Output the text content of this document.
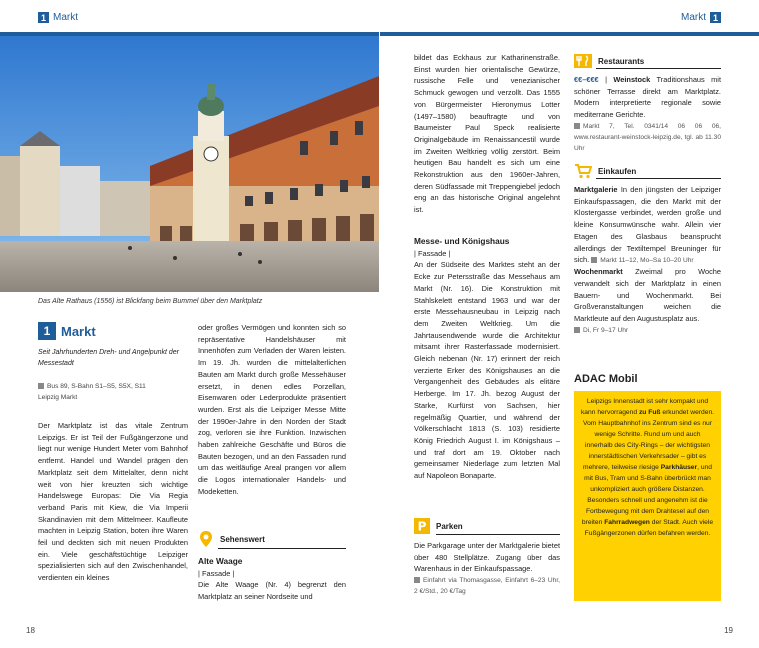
1 Markt	Markt 1
Das Alte Rathaus (1556) ist Blickfang beim Bummel über den Marktplatz
1 Markt
Seit Jahrhunderten Dreh- und Angelpunkt der Messestadt
Bus 89, S-Bahn S1–S5, S5X, S11
Leipzig Markt

Der Marktplatz ist das vitale Zentrum Leipzigs. Er ist Teil der Fußgängerzone und liegt nur wenige Hundert Meter vom Bahnhof entfernt. Handel und Wandel prägen den Marktplatz seit dem Mittelalter, denn nicht weit von hier kreuzten sich wichtige Handelswege Europas: Die Via Regia verband Paris mit Kiew, die Via Imperii Skandinavien mit dem Mittelmeer. Kaufleute machten in Leipzig Station, boten ihre Waren feil und deckten sich mit neuen Produkten ein. Viele geschäftstüchtige Leipziger spezialisierten sich auf den Zwischenhandel, verdienten ein kleines

oder großes Vermögen und konnten sich so repräsentative Handelshäuser mit Innenhöfen zum Verladen der Waren leisten. Im 19. Jh. wurden die mittelalterlichen Bauten am Markt durch große Messehäuser ersetzt, in denen edles Porzellan, Eisenwaren oder Lederprodukte präsentiert wurden. Erst als die Leipziger Messe Mitte der 1990er-Jahre in den Norden der Stadt zog, verloren sie ihre Funktion. Inzwischen haben zahlreiche Geschäfte und Büros die Bauten bezogen, und an den Fassaden rund um das weitläufige Areal prangen vor allem die Logos internationaler Handels- und Modeketten.

Sehenswert
Alte Waage
| Fassade |

Die Alte Waage (Nr. 4) begrenzt den Marktplatz an seiner Nordseite und

bildet das Eckhaus zur Katharinenstraße. Einst wurden hier orientalische Gewürze, russische Felle und venezianischer Schmuck gewogen und verzollt. Das 1555 von Bürgermeister Hieronymus Lotter (1497–1580) beauftragte und von Baumeister Paul Speck realisierte Originalgebäude im Renaissancestil wurde im Zweiten Weltkrieg völlig zerstört. Beim heutigen Bau handelt es sich um eine Rekonstruktion aus den 1960er-Jahren, deren Südfassade mit Treppengiebel jedoch eng an das historische Original angelehnt ist.

Messe- und Königshaus
| Fassade |

An der Südseite des Marktes steht an der Ecke zur Petersstraße das Messehaus am Markt (Nr. 16). Die Konstruktion mit Stahlskelett entstand 1963 und war der erste Messehausneubau in Leipzig nach dem Zweiten Weltkrieg. Um die Jahrtausendwende wurde die Architektur mitsamt ihrer Rasterfassade modernisiert. Gleich nebenan (Nr. 17) erinnert der reich verzierte Erker des Königshauses an die Vergangenheit des Gebäudes als elitäre Herberge. Im 17. Jh. bezog August der Starke, Kurfürst von Sachsen, hier regelmäßig Quartier, und während der Völkerschlacht 1813 (S. 103) residierte König Friedrich August I. im Königshaus – und traf dort am 19. Oktober nach gemeinsamer Niederlage zum letzten Mal auf Napoleon Bonaparte.

P Parken

Die Parkgarage unter der Marktgalerie bietet über 480 Stellplätze. Zugang über das Warenhaus in der Einkaufspassage.

Einfahrt via Thomasgasse, Einfahrt 6–23 Uhr, 2 €/Std., 20 €/Tag

Restaurants

€€–€€€ | Weinstock Traditionshaus mit schöner Terrasse direkt am Marktplatz. Modern interpretierte regionale sowie mediterrane Gerichte.

Markt 7, Tel. 0341/14 06 06 06, www.restaurant-weinstock-leipzig.de, tgl. ab 11.30 Uhr

Einkaufen

Marktgalerie In den jüngsten der Leipziger Einkaufspassagen, die den Markt mit der Klostergasse verbindet, werden große und kleine Konsumwünsche wahr. Allein vier Etagen des Glasbaus beansprucht allerdings der Textiltempel Breuninger für sich. Markt 11–12, Mo–Sa 10–20 Uhr

Wochenmarkt Zweimal pro Woche verwandelt sich der Marktplatz in einen Bauern- und Wochenmarkt. Bei Großveranstaltungen weichen die Marktleute auf den Augustusplatz aus.

Di, Fr 9–17 Uhr

ADAC Mobil
Leipzigs Innenstadt ist sehr kompakt und kann hervorragend zu Fuß erkundet werden. Vom Hauptbahnhof ins Zentrum sind es nur wenige Schritte. Rund um und auch innerhalb des City-Rings – der wichtigsten innerstädtischen Verkehrsader – gibt es mehrere, teilweise riesige Parkhäuser, und mit Bus, Tram und S-Bahn überbrückt man unkompliziert auch größere Distanzen. Besonders schnell und angenehm ist die Fortbewegung mit dem Drahtesel auf den breiten Fahrradwegen der Stadt. Auch viele Fußgängerzonen dürfen befahren werden.
18	19
